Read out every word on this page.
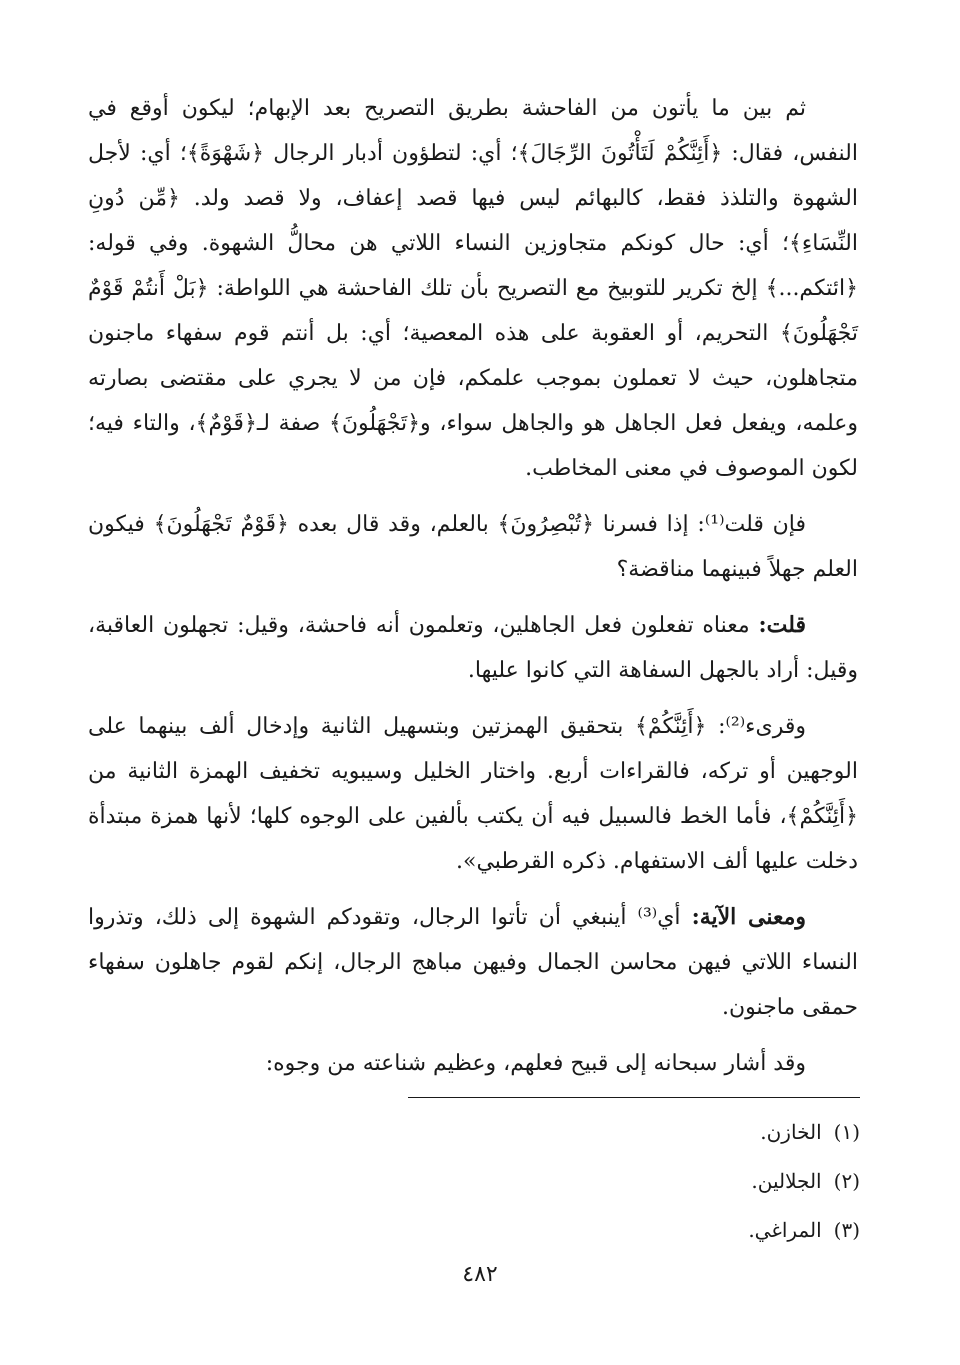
ثم بين ما يأتون من الفاحشة بطريق التصريح بعد الإبهام؛ ليكون أوقع في النفس، فقال: ﴿أَئِنَّكُمْ لَتَأْتُونَ الرِّجَالَ﴾؛ أي: لتطؤون أدبار الرجال ﴿شَهْوَةً﴾؛ أي: لأجل الشهوة والتلذذ فقط، كالبهائم ليس فيها قصد إعفاف، ولا قصد ولد. ﴿مِّن دُونِ النِّسَاءِ﴾؛ أي: حال كونكم متجاوزين النساء اللاتي هن محالُّ الشهوة. وفي قوله: ﴿ائتكم...﴾ إلخ تكرير للتوبيخ مع التصريح بأن تلك الفاحشة هي اللواطة: ﴿بَلْ أَنتُمْ قَوْمٌ تَجْهَلُونَ﴾ التحريم، أو العقوبة على هذه المعصية؛ أي: بل أنتم قوم سفهاء ماجنون متجاهلون، حيث لا تعملون بموجب علمكم، فإن من لا يجري على مقتضى بصارته وعلمه، ويفعل فعل الجاهل هو والجاهل سواء، و﴿تَجْهَلُونَ﴾ صفة لـ﴿قَوْمٌ﴾، والتاء فيه؛ لكون الموصوف في معنى المخاطب.

فإن قلت⁽¹⁾: إذا فسرنا ﴿تُبْصِرُونَ﴾ بالعلم، وقد قال بعده ﴿قَوْمٌ تَجْهَلُونَ﴾ فيكون العلم جهلاً فبينهما مناقضة؟

قلت: معناه تفعلون فعل الجاهلين، وتعلمون أنه فاحشة، وقيل: تجهلون العاقبة، وقيل: أراد بالجهل السفاهة التي كانوا عليها.

وقرىء⁽²⁾: ﴿أَئِنَّكُمْ﴾ بتحقيق الهمزتين وبتسهيل الثانية وإدخال ألف بينهما على الوجهين أو تركه، فالقراءات أربع. واختار الخليل وسيبويه تخفيف الهمزة الثانية من ﴿أَئِنَّكُمْ﴾، فأما الخط فالسبيل فيه أن يكتب بألفين على الوجوه كلها؛ لأنها همزة مبتدأة دخلت عليها ألف الاستفهام. ذكره القرطبي».

ومعنى الآية: أي⁽³⁾ أينبغي أن تأتوا الرجال، وتقودكم الشهوة إلى ذلك، وتذروا النساء اللاتي فيهن محاسن الجمال وفيهن مباهج الرجال، إنكم لقوم جاهلون سفهاء حمقى ماجنون.

وقد أشار سبحانه إلى قبيح فعلهم، وعظيم شناعته من وجوه:

(١)الخازن.
(٢)الجلالين.
(٣)المراغي.
٤٨٢
